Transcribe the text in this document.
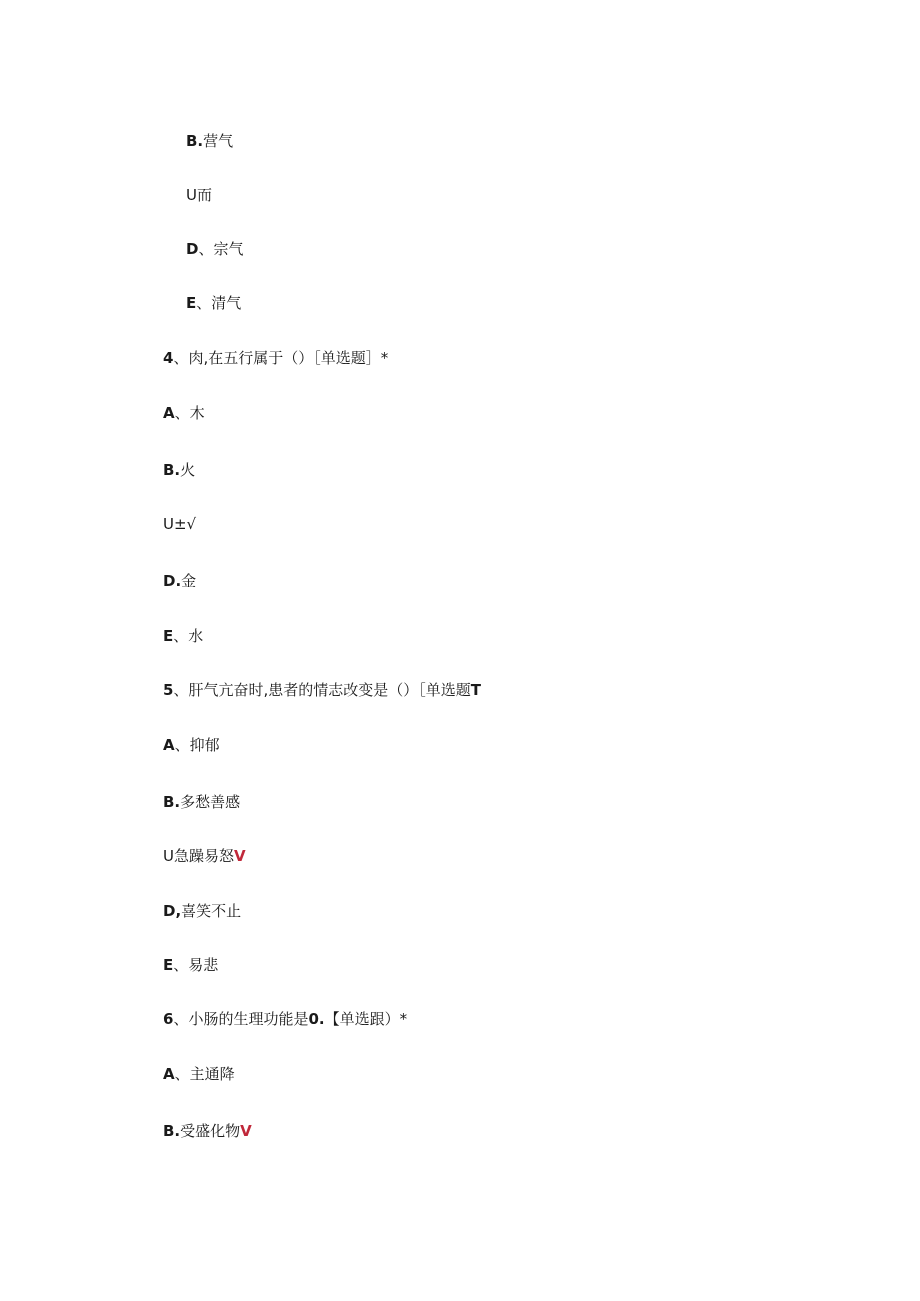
B.营气
U而
D、宗气
E、清气
4、肉,在五行属于（）［单选题］*
A、木
B.火
U±√
D.金
E、水
5、肝气亢奋时,患者的情志改变是（）［单选题T
A、抑郁
B.多愁善感
U急躁易怒V
D,喜笑不止
E、易悲
6、小肠的生理功能是0.【单选跟）*
A、主通降
B.受盛化物V
